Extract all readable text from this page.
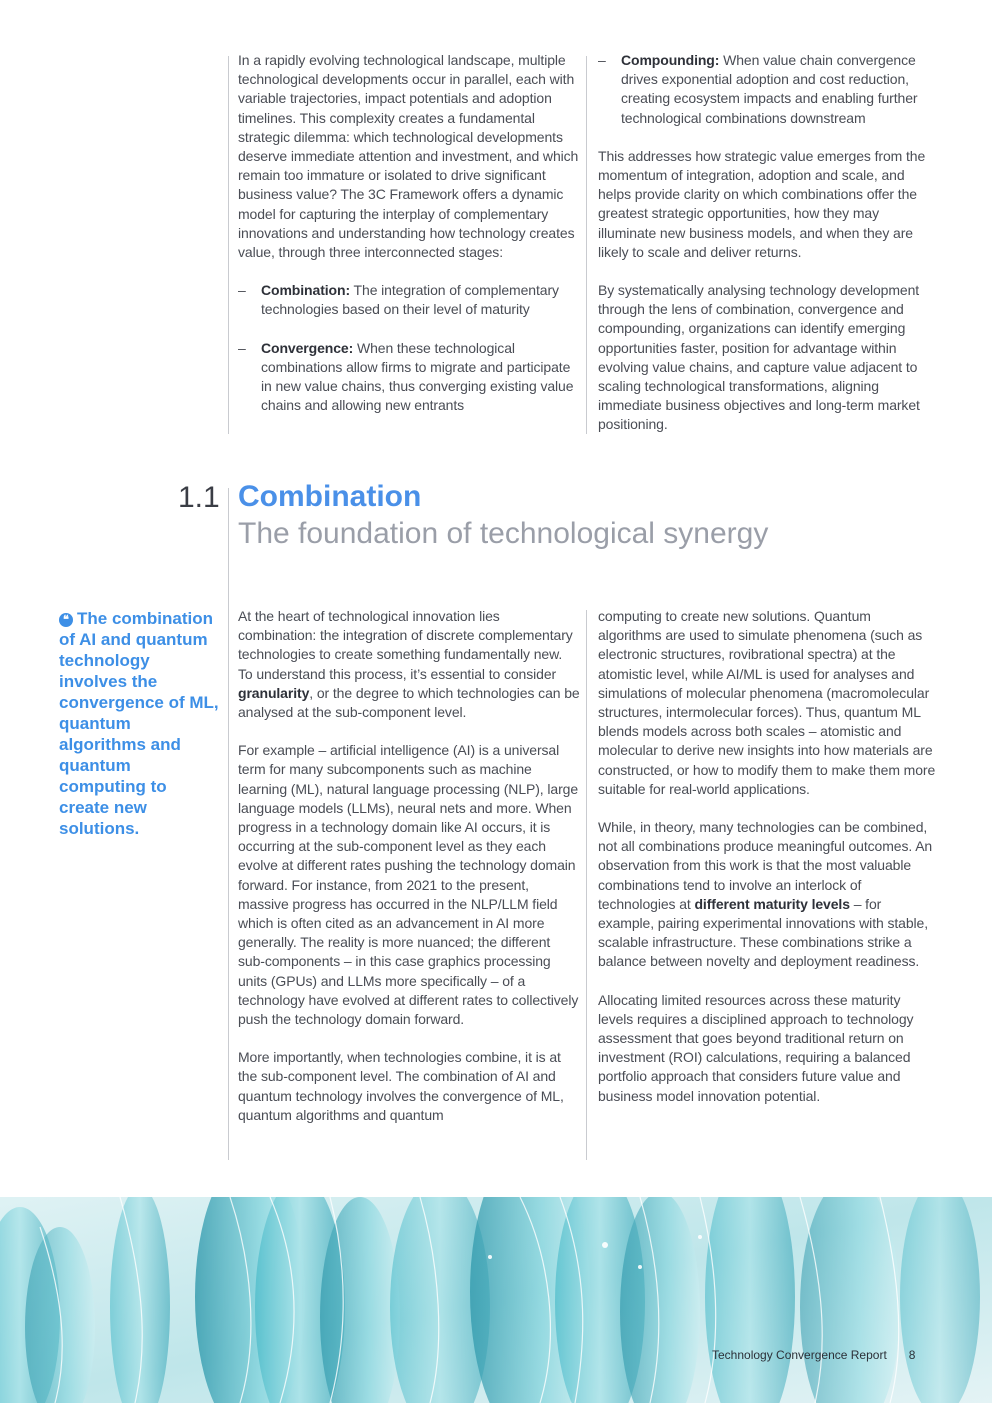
In a rapidly evolving technological landscape, multiple technological developments occur in parallel, each with variable trajectories, impact potentials and adoption timelines. This complexity creates a fundamental strategic dilemma: which technological developments deserve immediate attention and investment, and which remain too immature or isolated to drive significant business value? The 3C Framework offers a dynamic model for capturing the interplay of complementary innovations and understanding how technology creates value, through three interconnected stages:

– Combination: The integration of complementary technologies based on their level of maturity
– Convergence: When these technological combinations allow firms to migrate and participate in new value chains, thus converging existing value chains and allowing new entrants
– Compounding: When value chain convergence drives exponential adoption and cost reduction, creating ecosystem impacts and enabling further technological combinations downstream

This addresses how strategic value emerges from the momentum of integration, adoption and scale, and helps provide clarity on which combinations offer the greatest strategic opportunities, how they may illuminate new business models, and when they are likely to scale and deliver returns.

By systematically analysing technology development through the lens of combination, convergence and compounding, organizations can identify emerging opportunities faster, position for advantage within evolving value chains, and capture value adjacent to scaling technological transformations, aligning immediate business objectives and long-term market positioning.

1.1 Combination
The foundation of technological synergy
❝ The combination of AI and quantum technology involves the convergence of ML, quantum algorithms and quantum computing to create new solutions.

At the heart of technological innovation lies combination: the integration of discrete complementary technologies to create something fundamentally new. To understand this process, it’s essential to consider granularity, or the degree to which technologies can be analysed at the sub-component level.

For example – artificial intelligence (AI) is a universal term for many subcomponents such as machine learning (ML), natural language processing (NLP), large language models (LLMs), neural nets and more. When progress in a technology domain like AI occurs, it is occurring at the sub-component level as they each evolve at different rates pushing the technology domain forward. For instance, from 2021 to the present, massive progress has occurred in the NLP/LLM field which is often cited as an advancement in AI more generally. The reality is more nuanced; the different sub-components – in this case graphics processing units (GPUs) and LLMs more specifically – of a technology have evolved at different rates to collectively push the technology domain forward.

More importantly, when technologies combine, it is at the sub-component level. The combination of AI and quantum technology involves the convergence of ML, quantum algorithms and quantum

computing to create new solutions. Quantum algorithms are used to simulate phenomena (such as electronic structures, rovibrational spectra) at the atomistic level, while AI/ML is used for analyses and simulations of molecular phenomena (macromolecular structures, intermolecular forces). Thus, quantum ML blends models across both scales – atomistic and molecular to derive new insights into how materials are constructed, or how to modify them to make them more suitable for real-world applications.

While, in theory, many technologies can be combined, not all combinations produce meaningful outcomes. An observation from this work is that the most valuable combinations tend to involve an interlock of technologies at different maturity levels – for example, pairing experimental innovations with stable, scalable infrastructure. These combinations strike a balance between novelty and deployment readiness.

Allocating limited resources across these maturity levels requires a disciplined approach to technology assessment that goes beyond traditional return on investment (ROI) calculations, requiring a balanced portfolio approach that considers future value and business model innovation potential.

Technology Convergence Report 8
